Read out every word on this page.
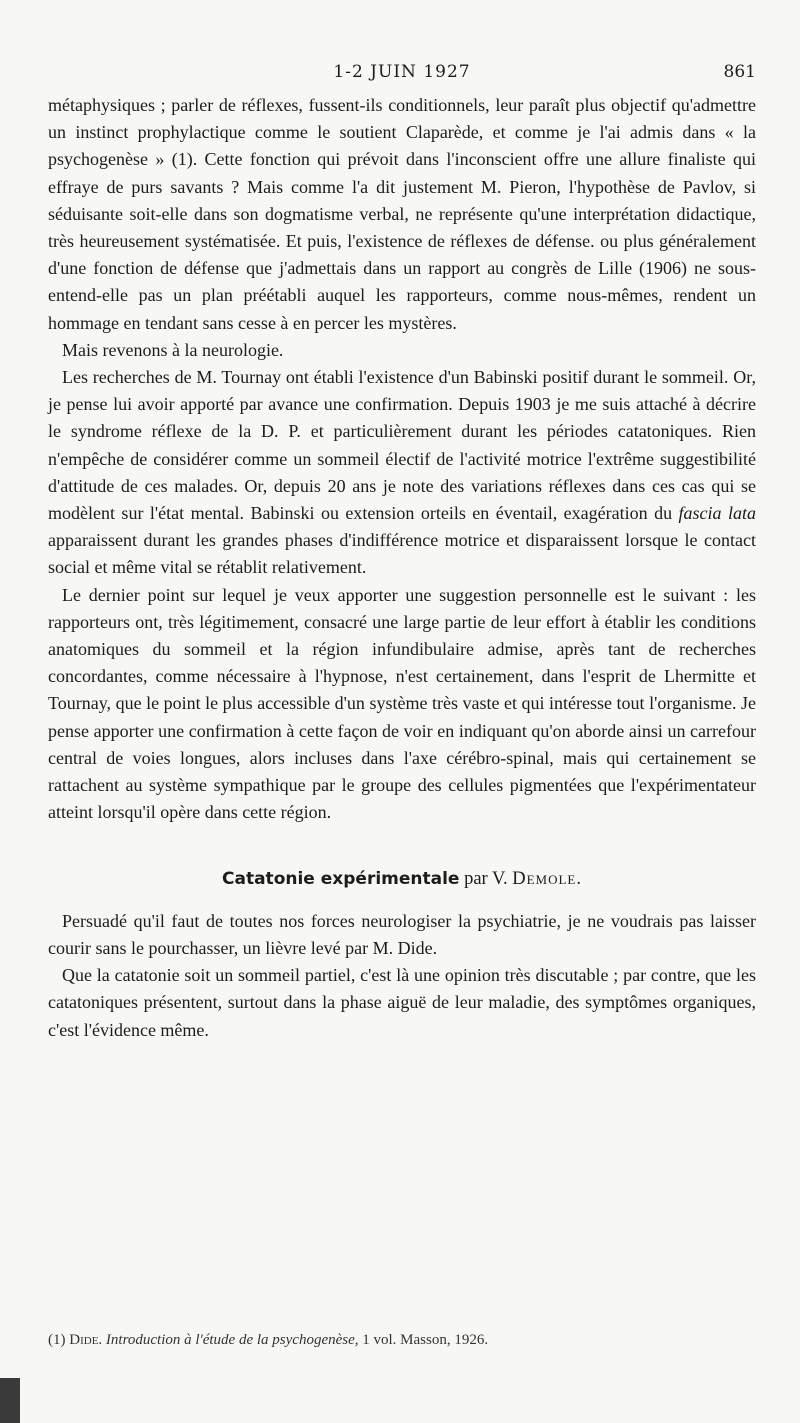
1-2 JUIN 1927	861

métaphysiques ; parler de réflexes, fussent-ils conditionnels, leur paraît plus objectif qu'admettre un instinct prophylactique comme le soutient Claparède, et comme je l'ai admis dans « la psychogenèse » (1). Cette fonction qui prévoit dans l'inconscient offre une allure finaliste qui effraye de purs savants ? Mais comme l'a dit justement M. Pieron, l'hypothèse de Pavlov, si séduisante soit-elle dans son dogmatisme verbal, ne représente qu'une interprétation didactique, très heureusement systématisée. Et puis, l'existence de réflexes de défense. ou plus généralement d'une fonction de défense que j'admettais dans un rapport au congrès de Lille (1906) ne sous-entend-elle pas un plan préétabli auquel les rapporteurs, comme nous-mêmes, rendent un hommage en tendant sans cesse à en percer les mystères.

Mais revenons à la neurologie.

Les recherches de M. Tournay ont établi l'existence d'un Babinski positif durant le sommeil. Or, je pense lui avoir apporté par avance une confirmation. Depuis 1903 je me suis attaché à décrire le syndrome réflexe de la D. P. et particulièrement durant les périodes catatoniques. Rien n'empêche de considérer comme un sommeil électif de l'activité motrice l'extrême suggestibilité d'attitude de ces malades. Or, depuis 20 ans je note des variations réflexes dans ces cas qui se modèlent sur l'état mental. Babinski ou extension orteils en éventail, exagération du fascia lata apparaissent durant les grandes phases d'indifférence motrice et disparaissent lorsque le contact social et même vital se rétablit relativement.

Le dernier point sur lequel je veux apporter une suggestion personnelle est le suivant : les rapporteurs ont, très légitimement, consacré une large partie de leur effort à établir les conditions anatomiques du sommeil et la région infundibulaire admise, après tant de recherches concordantes, comme nécessaire à l'hypnose, n'est certainement, dans l'esprit de Lhermitte et Tournay, que le point le plus accessible d'un système très vaste et qui intéresse tout l'organisme. Je pense apporter une confirmation à cette façon de voir en indiquant qu'on aborde ainsi un carrefour central de voies longues, alors incluses dans l'axe cérébro-spinal, mais qui certainement se rattachent au système sympathique par le groupe des cellules pigmentées que l'expérimentateur atteint lorsqu'il opère dans cette région.

Catatonie expérimentale par V. Demole.

Persuadé qu'il faut de toutes nos forces neurologiser la psychiatrie, je ne voudrais pas laisser courir sans le pourchasser, un lièvre levé par M. Dide.

Que la catatonie soit un sommeil partiel, c'est là une opinion très discutable ; par contre, que les catatoniques présentent, surtout dans la phase aiguë de leur maladie, des symptômes organiques, c'est l'évidence même.

(1) Dide. Introduction à l'étude de la psychogenèse, 1 vol. Masson, 1926.
